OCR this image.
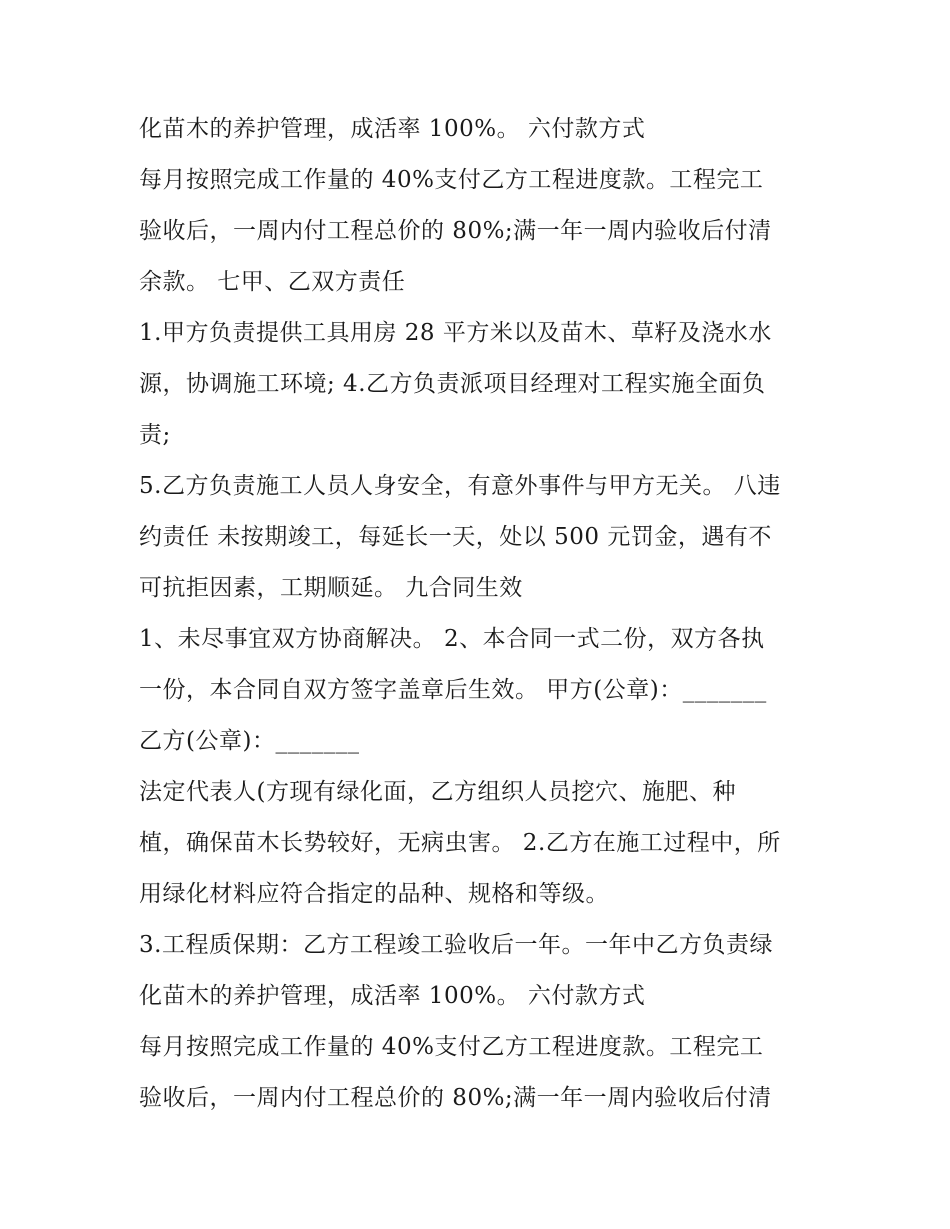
化苗木的养护管理，成活率 100%。 六付款方式
每月按照完成工作量的 40%支付乙方工程进度款。工程完工
验收后，一周内付工程总价的 80%;满一年一周内验收后付清
余款。 七甲、乙双方责任
1.甲方负责提供工具用房 28 平方米以及苗木、草籽及浇水水
源，协调施工环境; 4.乙方负责派项目经理对工程实施全面负
责;
5.乙方负责施工人员人身安全，有意外事件与甲方无关。 八违
约责任 未按期竣工，每延长一天，处以 500 元罚金，遇有不
可抗拒因素，工期顺延。 九合同生效
1、未尽事宜双方协商解决。 2、本合同一式二份，双方各执
一份，本合同自双方签字盖章后生效。 甲方(公章)：_______
乙方(公章)：_______
法定代表人(方现有绿化面，乙方组织人员挖穴、施肥、种
植，确保苗木长势较好，无病虫害。 2.乙方在施工过程中，所
用绿化材料应符合指定的品种、规格和等级。
3.工程质保期：乙方工程竣工验收后一年。一年中乙方负责绿
化苗木的养护管理，成活率 100%。 六付款方式
每月按照完成工作量的 40%支付乙方工程进度款。工程完工
验收后，一周内付工程总价的 80%;满一年一周内验收后付清
